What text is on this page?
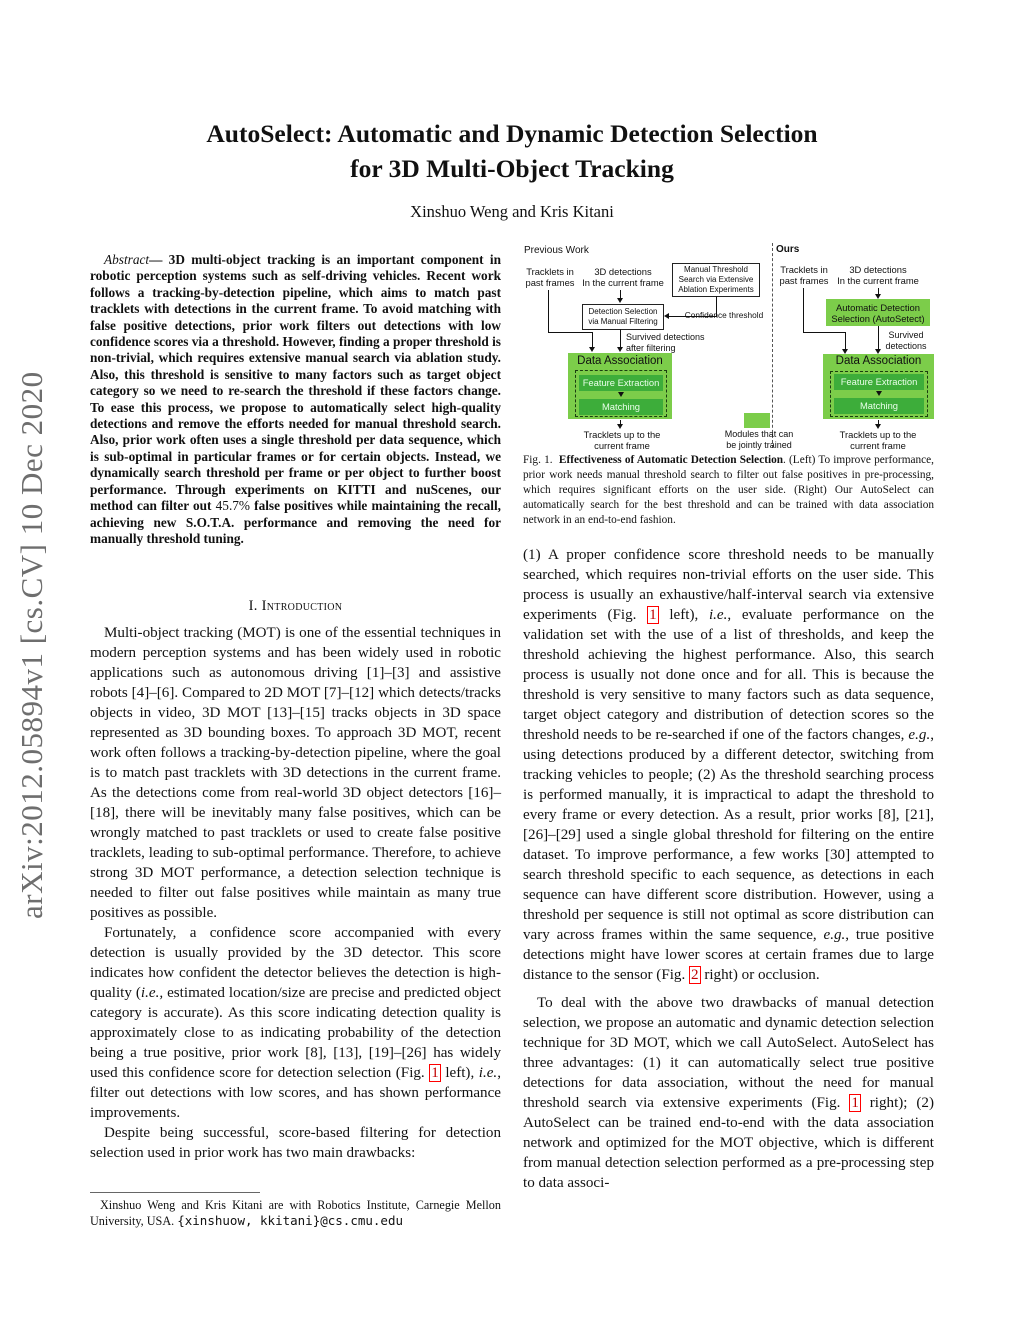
arXiv:2012.05894v1 [cs.CV] 10 Dec 2020
AutoSelect: Automatic and Dynamic Detection Selection
for 3D Multi-Object Tracking
Xinshuo Weng and Kris Kitani
Abstract— 3D multi-object tracking is an important component in robotic perception systems such as self-driving vehicles. Recent work follows a tracking-by-detection pipeline, which aims to match past tracklets with detections in the current frame. To avoid matching with false positive detections, prior work filters out detections with low confidence scores via a threshold. However, finding a proper threshold is non-trivial, which requires extensive manual search via ablation study. Also, this threshold is sensitive to many factors such as target object category so we need to re-search the threshold if these factors change. To ease this process, we propose to automatically select high-quality detections and remove the efforts needed for manual threshold search. Also, prior work often uses a single threshold per data sequence, which is sub-optimal in particular frames or for certain objects. Instead, we dynamically search threshold per frame or per object to further boost performance. Through experiments on KITTI and nuScenes, our method can filter out 45.7% false positives while maintaining the recall, achieving new S.O.T.A. performance and removing the need for manually threshold tuning.
I. Introduction

Multi-object tracking (MOT) is one of the essential techniques in modern perception systems and has been widely used in robotic applications such as autonomous driving [1]–[3] and assistive robots [4]–[6]. Compared to 2D MOT [7]–[12] which detects/tracks objects in video, 3D MOT [13]–[15] tracks objects in 3D space represented as 3D bounding boxes. To approach 3D MOT, recent work often follows a tracking-by-detection pipeline, where the goal is to match past tracklets with 3D detections in the current frame. As the detections come from real-world 3D object detectors [16]–[18], there will be inevitably many false positives, which can be wrongly matched to past tracklets or used to create false positive tracklets, leading to sub-optimal performance. Therefore, to achieve strong 3D MOT performance, a detection selection technique is needed to filter out false positives while maintain as many true positives as possible.

Fortunately, a confidence score accompanied with every detection is usually provided by the 3D detector. This score indicates how confident the detector believes the detection is high-quality (i.e., estimated location/size are precise and predicted object category is accurate). As this score indicating detection quality is approximately close to as indicating probability of the detection being a true positive, prior work [8], [13], [19]–[26] has widely used this confidence score for detection selection (Fig. 1 left), i.e., filter out detections with low scores, and has shown performance improvements.

Despite being successful, score-based filtering for detection selection used in prior work has two main drawbacks:

Xinshuo Weng and Kris Kitani are with Robotics Institute, Carnegie Mellon University, USA. {xinshuow, kkitani}@cs.cmu.edu
Previous Work	Ours
Tracklets in
past frames
3D detections
In the current frame
Manual Threshold
Search via Extensive
Ablation Experiments
Detection Selection
via Manual Filtering
Confidence threshold
Survived detections
after filtering
Data Association
Feature Extraction
Matching
Tracklets up to the
current frame
Modules that can
be jointly trained
Tracklets in
past frames
3D detections
In the current frame
Automatic Detection
Selection (AutoSetect)
Survived
detections
Data Association
Feature Extraction
Matching
Tracklets up to the
current frame
Fig. 1. Effectiveness of Automatic Detection Selection. (Left) To improve performance, prior work needs manual threshold search to filter out false positives in pre-processing, which requires significant efforts on the user side. (Right) Our AutoSelect can automatically search for the best threshold and can be trained with data association network in an end-to-end fashion.

(1) A proper confidence score threshold needs to be manually searched, which requires non-trivial efforts on the user side. This process is usually an exhaustive/half-interval search via extensive experiments (Fig. 1 left), i.e., evaluate performance on the validation set with the use of a list of thresholds, and keep the threshold achieving the highest performance. Also, this search process is usually not done once and for all. This is because the threshold is very sensitive to many factors such as data sequence, target object category and distribution of detection scores so the threshold needs to be re-searched if one of the factors changes, e.g., using detections produced by a different detector, switching from tracking vehicles to people; (2) As the threshold searching process is performed manually, it is impractical to adapt the threshold to every frame or every detection. As a result, prior works [8], [21], [26]–[29] used a single global threshold for filtering on the entire dataset. To improve performance, a few works [30] attempted to search threshold specific to each sequence, as detections in each sequence can have different score distribution. However, using a threshold per sequence is still not optimal as score distribution can vary across frames within the same sequence, e.g., true positive detections might have lower scores at certain frames due to large distance to the sensor (Fig. 2 right) or occlusion.

To deal with the above two drawbacks of manual detection selection, we propose an automatic and dynamic detection selection technique for 3D MOT, which we call AutoSelect. AutoSelect has three advantages: (1) it can automatically select true positive detections for data association, without the need for manual threshold search via extensive experiments (Fig. 1 right); (2) AutoSelect can be trained end-to-end with the data association network and optimized for the MOT objective, which is different from manual detection selection performed as a pre-processing step to data associ-
